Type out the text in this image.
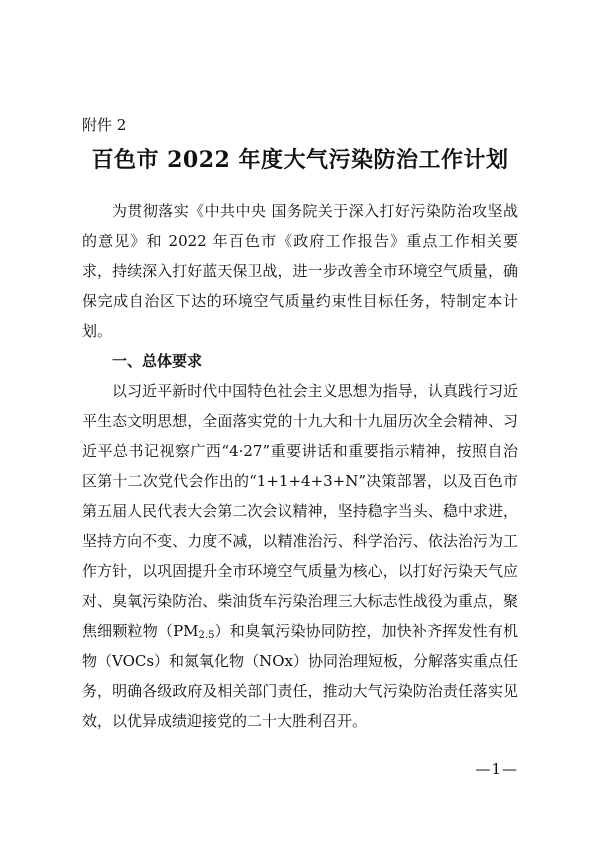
附件 2
百色市 2022 年度大气污染防治工作计划

为贯彻落实《中共中央 国务院关于深入打好污染防治攻坚战的意见》和 2022 年百色市《政府工作报告》重点工作相关要求，持续深入打好蓝天保卫战，进一步改善全市环境空气质量，确保完成自治区下达的环境空气质量约束性目标任务，特制定本计划。

一、总体要求

以习近平新时代中国特色社会主义思想为指导，认真践行习近平生态文明思想，全面落实党的十九大和十九届历次全会精神、习近平总书记视察广西“4·27”重要讲话和重要指示精神，按照自治区第十二次党代会作出的“1+1+4+3+N”决策部署，以及百色市第五届人民代表大会第二次会议精神，坚持稳字当头、稳中求进，坚持方向不变、力度不减，以精准治污、科学治污、依法治污为工作方针，以巩固提升全市环境空气质量为核心，以打好污染天气应对、臭氧污染防治、柴油货车污染治理三大标志性战役为重点，聚焦细颗粒物$(PM_{2.5})$和臭氧污染协同防控，加快补齐挥发性有机物（VOCs）和氮氧化物（NOx）协同治理短板，分解落实重点任务，明确各级政府及相关部门责任，推动大气污染防治责任落实见效，以优异成绩迎接党的二十大胜利召开。

—1—
